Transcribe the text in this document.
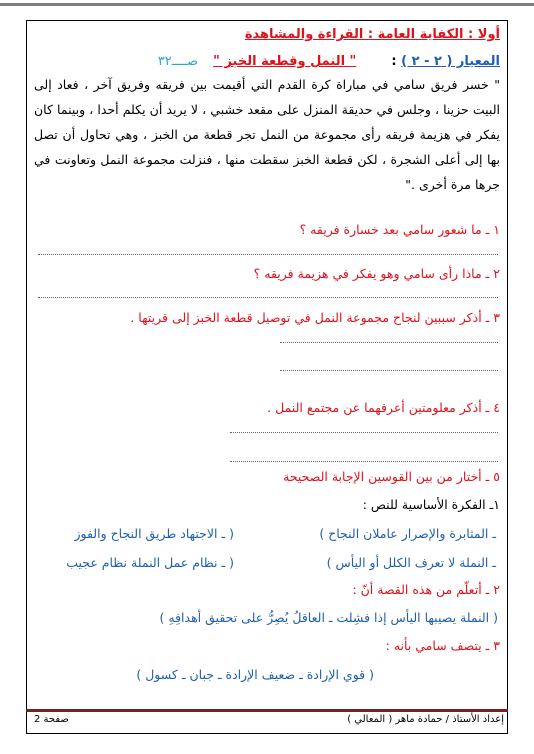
أولا : الكفاية العامة : القراءة والمشاهدة
المعيار ( ٢ - ٢ ) :  " النمل وقطعة الخبز "  صــــ٣٢
" خسر فريق سامي في مباراة كرة القدم التي أقيمت بين فريقه وفريق آخر ، فعاد إلى البيت حزينا ، وجلس في حديقة المنزل على مقعد خشبي ، لا يريد أن يكلم أحدا ، وبينما كان يفكر في هزيمة فريقه رأى مجموعة من النمل تجر قطعة من الخبز ، وهي تحاول أن تصل بها إلى أعلى الشجرة ، لكن قطعة الخبز سقطت منها ، فنزلت مجموعة النمل وتعاونت في جرها مرة أخرى ."
١ ـ ما شعور سامي بعد خسارة فريقه ؟
٢ ـ ماذا رأى سامي وهو يفكر في هزيمة فريقه ؟
٣ ـ أذكر سببين لنجاح مجموعة النمل في توصيل قطعة الخبز إلى قريتها .
٤ ـ أذكر معلومتين أعرفهما عن مجتمع النمل .
٥ ـ أختار من بين القوسين الإجابة الصحيحة
١ـ الفكرة الأساسية للنص :
( ـ الاجتهاد طريق النجاح والفوز	ـ المثابرة والإصرار عاملان النجاح )
( ـ نظام عمل النملة نظام عجيب	ـ النملة لا تعرف الكلل أو اليأس )
٢ ـ أتعلّم من هذه القصة أنّ :
( النملة يصيبها اليأس إذا فشِلت ـ العاقلُ يُصِرُّ على تحقيق أهدافِهِ )
٣ ـ يتصف سامي بأنه :
( قوي الإرادة ـ ضعيف الإرادة ـ جبان ـ كسول )
إعداد الأستاذ / حمادة ماهر ( المعالي )
صفحة 2
